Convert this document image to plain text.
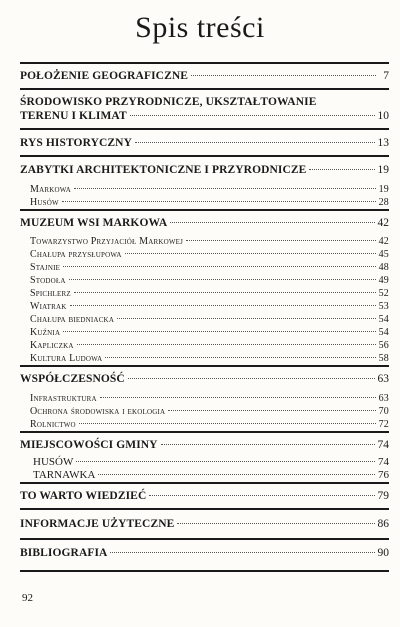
Spis treści
POŁOŻENIE GEOGRAFICZNE	7
ŚRODOWISKO PRZYRODNICZE, UKSZTAŁTOWANIE
TERENU I KLIMAT	10
RYS HISTORYCZNY	13
ZABYTKI ARCHITEKTONICZNE I PRZYRODNICZE	19
Markowa	19
Husów	28
MUZEUM WSI MARKOWA	42
Towarzystwo Przyjaciół Markowej	42
Chałupa przysłupowa	45
Stajnie	48
Stodoła	49
Spichlerz	52
Wiatrak	53
Chałupa biedniacka	54
Kuźnia	54
Kapliczka	56
Kultura Ludowa	58
WSPÓŁCZESNOŚĆ	63
Infrastruktura	63
Ochrona środowiska i ekologia	70
Rolnictwo	72
MIEJSCOWOŚCI GMINY	74
HUSÓW	74
TARNAWKA	76
TO WARTO WIEDZIEĆ	79
INFORMACJE UŻYTECZNE	86
BIBLIOGRAFIA	90
92
